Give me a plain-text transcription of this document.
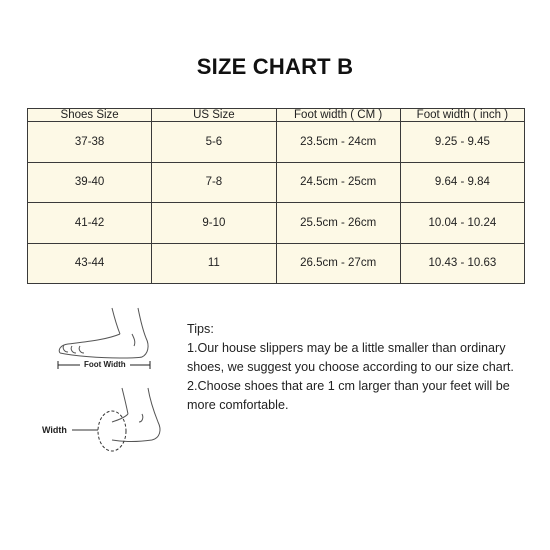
SIZE CHART B
Shoes Size	US Size	Foot width ( CM )	Foot width ( inch )
37-38	5-6	23.5cm - 24cm	9.25 - 9.45
39-40	7-8	24.5cm - 25cm	9.64 - 9.84
41-42	9-10	25.5cm - 26cm	10.04 - 10.24
43-44	11	26.5cm - 27cm	10.43 - 10.63
Foot Width
Width
Tips:
1.Our house slippers may be a little smaller than ordinary
shoes, we suggest you choose according to our size chart.
2.Choose shoes that are 1 cm larger than your feet will be
more comfortable.
